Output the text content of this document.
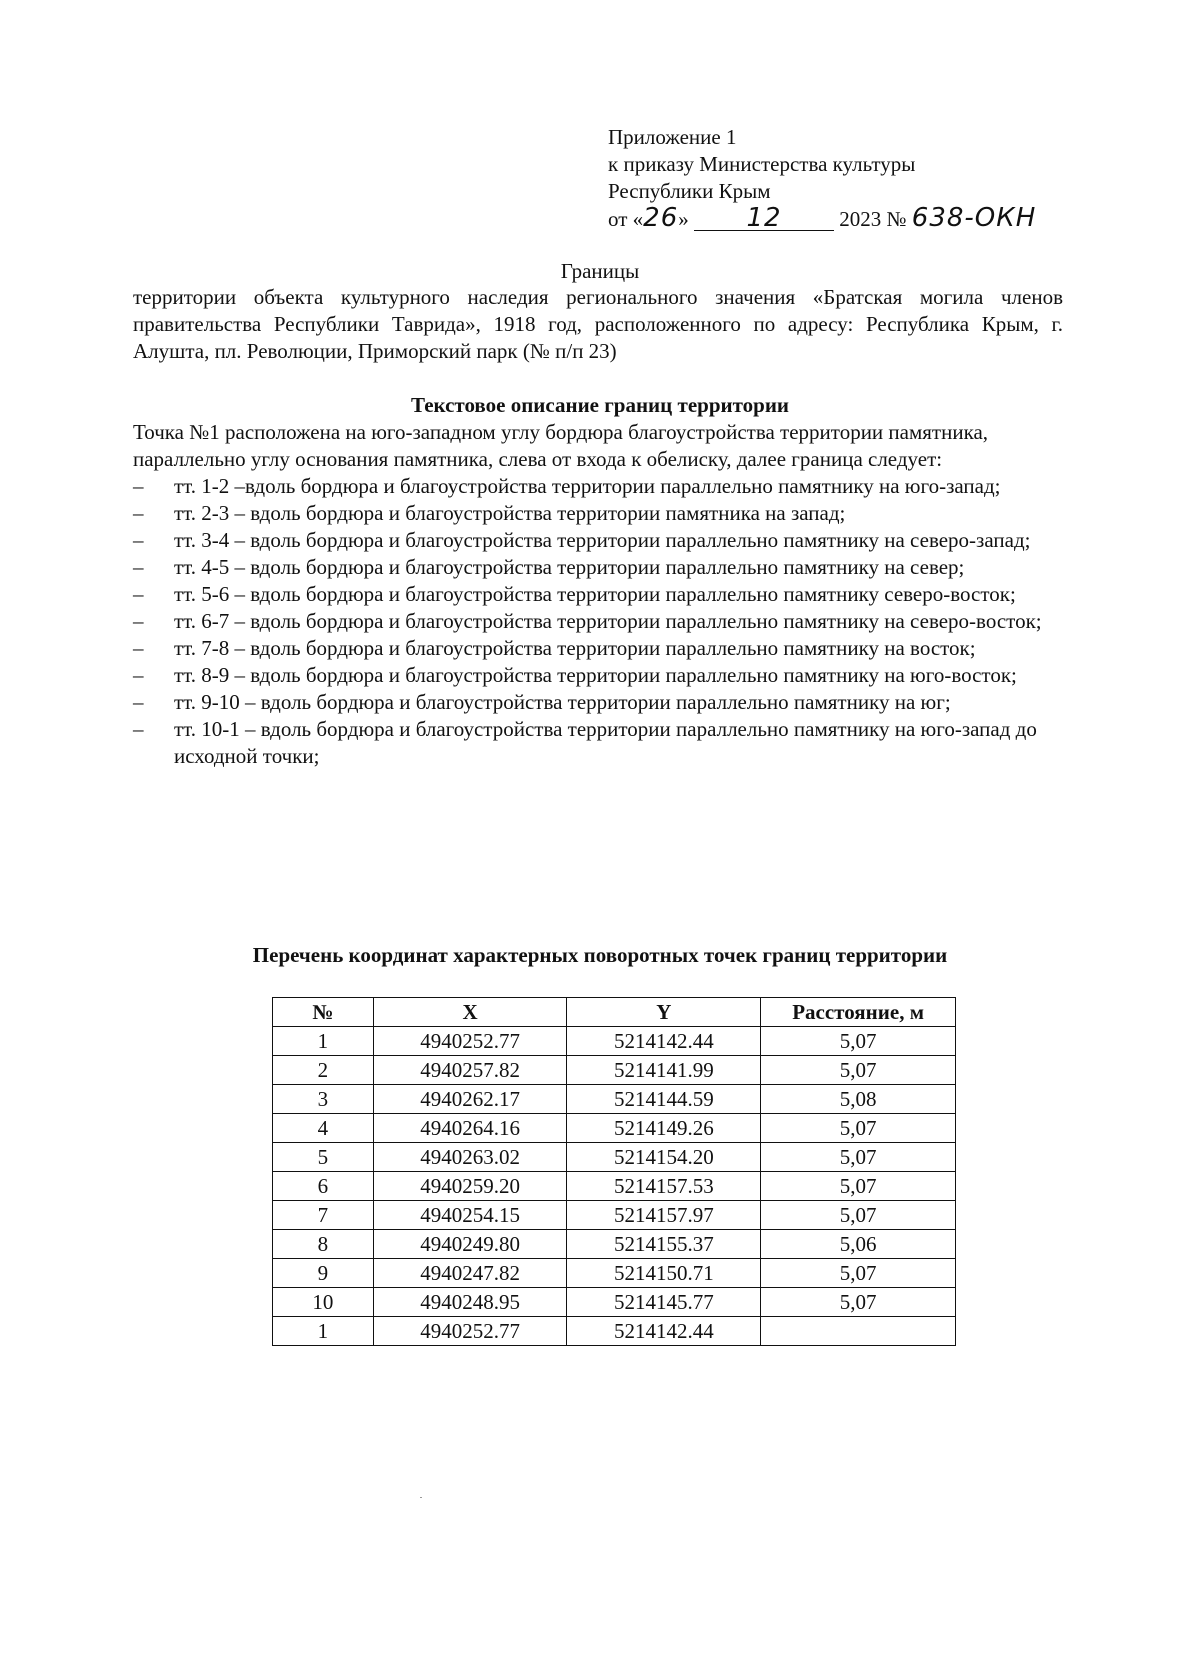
Приложение 1
к приказу Министерства культуры
Республики Крым
от «26» 12	2023 № 638-ОКН
Границы
территории объекта культурного наследия регионального значения «Братская могила членов правительства Республики Таврида», 1918 год, расположенного по адресу: Республика Крым, г. Алушта, пл. Революции, Приморский парк (№ п/п 23)
Текстовое описание границ территории
Точка №1 расположена на юго-западном углу бордюра благоустройства территории памятника, параллельно углу основания памятника, слева от входа к обелиску, далее граница следует:
– тт. 1-2 –вдоль бордюра и благоустройства территории параллельно памятнику на юго-запад;
– тт. 2-3 – вдоль бордюра и благоустройства территории памятника на запад;
– тт. 3-4 – вдоль бордюра и благоустройства территории параллельно памятнику на северо-запад;
– тт. 4-5 – вдоль бордюра и благоустройства территории параллельно памятнику на север;
– тт. 5-6 – вдоль бордюра и благоустройства территории параллельно памятнику северо-восток;
– тт. 6-7 – вдоль бордюра и благоустройства территории параллельно памятнику на северо-восток;
– тт. 7-8 – вдоль бордюра и благоустройства территории параллельно памятнику на восток;
– тт. 8-9 – вдоль бордюра и благоустройства территории параллельно памятнику на юго-восток;
– тт. 9-10 – вдоль бордюра и благоустройства территории параллельно памятнику на юг;
– тт. 10-1 – вдоль бордюра и благоустройства территории параллельно памятнику на юго-запад до исходной точки;
Перечень координат характерных поворотных точек границ территории
№	X	Y	Расстояние, м
1	4940252.77	5214142.44	5,07
2	4940257.82	5214141.99	5,07
3	4940262.17	5214144.59	5,08
4	4940264.16	5214149.26	5,07
5	4940263.02	5214154.20	5,07
6	4940259.20	5214157.53	5,07
7	4940254.15	5214157.97	5,07
8	4940249.80	5214155.37	5,06
9	4940247.82	5214150.71	5,07
10	4940248.95	5214145.77	5,07
1	4940252.77	5214142.44	
